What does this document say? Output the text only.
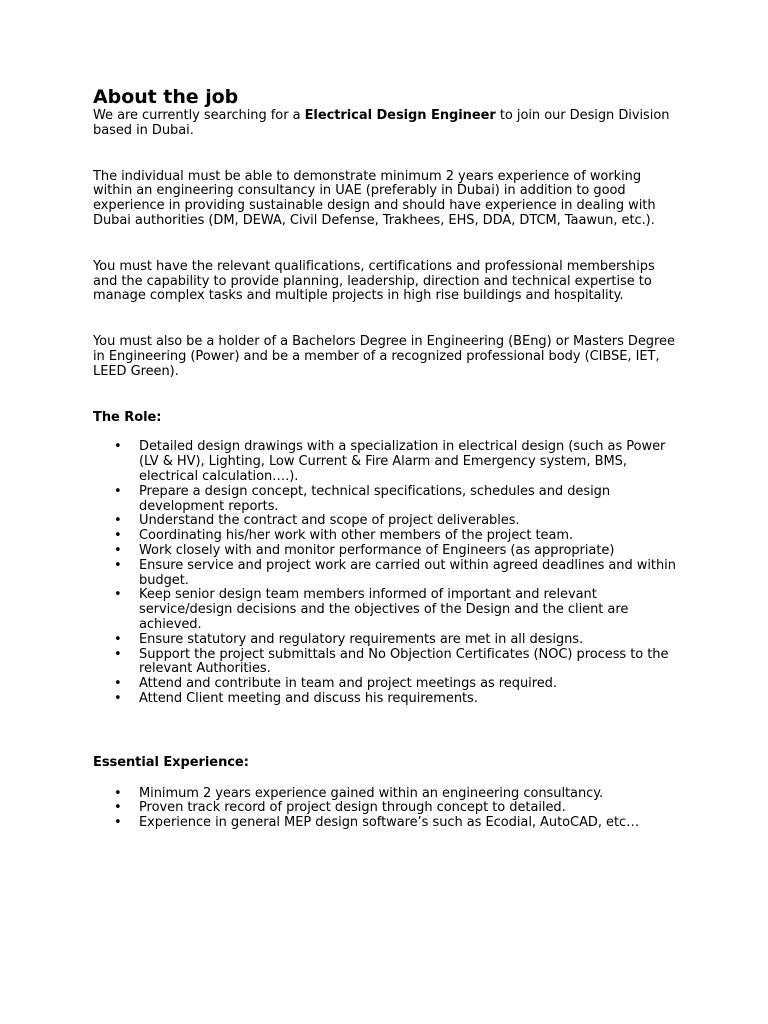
About the job

We are currently searching for a Electrical Design Engineer to join our Design Division based in Dubai.

The individual must be able to demonstrate minimum 2 years experience of working within an engineering consultancy in UAE (preferably in Dubai) in addition to good experience in providing sustainable design and should have experience in dealing with Dubai authorities (DM, DEWA, Civil Defense, Trakhees, EHS, DDA, DTCM, Taawun, etc.).

You must have the relevant qualifications, certifications and professional memberships and the capability to provide planning, leadership, direction and technical expertise to manage complex tasks and multiple projects in high rise buildings and hospitality.

You must also be a holder of a Bachelors Degree in Engineering (BEng) or Masters Degree in Engineering (Power) and be a member of a recognized professional body (CIBSE, IET, LEED Green).

The Role:

• Detailed design drawings with a specialization in electrical design (such as Power (LV & HV), Lighting, Low Current & Fire Alarm and Emergency system, BMS, electrical calculation….).
• Prepare a design concept, technical specifications, schedules and design development reports.
• Understand the contract and scope of project deliverables.
• Coordinating his/her work with other members of the project team.
• Work closely with and monitor performance of Engineers (as appropriate)
• Ensure service and project work are carried out within agreed deadlines and within budget.
• Keep senior design team members informed of important and relevant service/design decisions and the objectives of the Design and the client are achieved.
• Ensure statutory and regulatory requirements are met in all designs.
• Support the project submittals and No Objection Certificates (NOC) process to the relevant Authorities.
• Attend and contribute in team and project meetings as required.
• Attend Client meeting and discuss his requirements.

Essential Experience:

• Minimum 2 years experience gained within an engineering consultancy.
• Proven track record of project design through concept to detailed.
• Experience in general MEP design software’s such as Ecodial, AutoCAD, etc…
